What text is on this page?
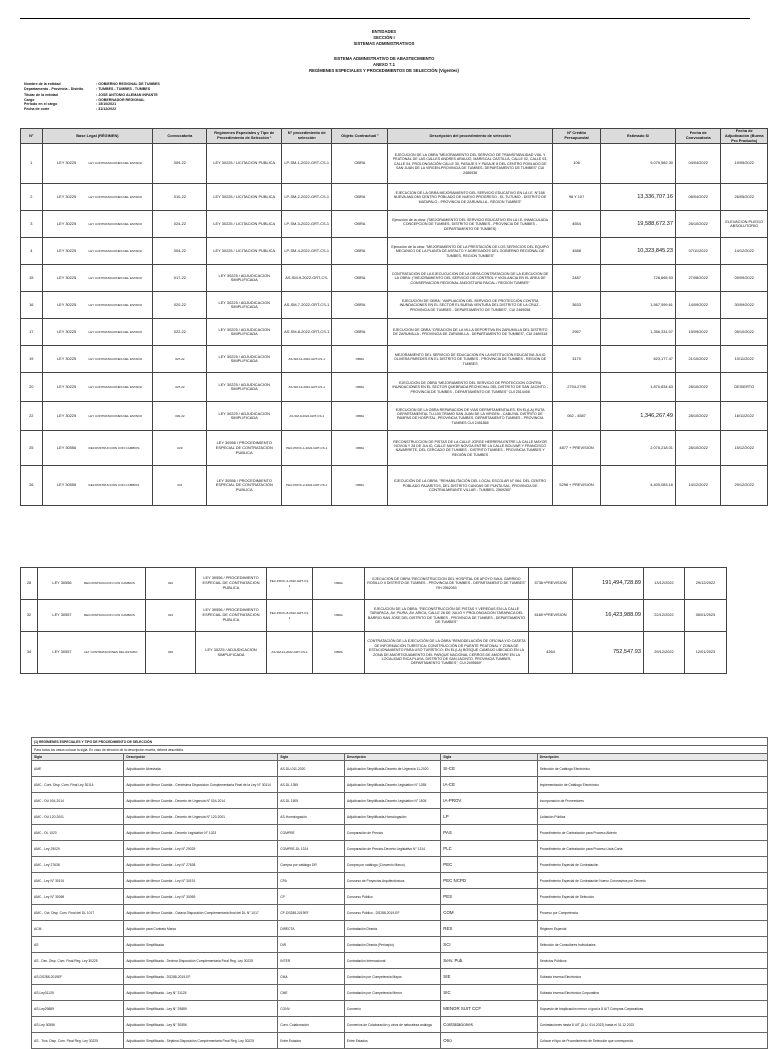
ENTIDADES
SECCIÓN I
SISTEMAS ADMINISTRATIVOS
SISTEMA ADMINISTRATIVO DE ABASTECIMIENTO
ANEXO 7.1
REGÍMENES ESPECIALES Y PROCEDIMIENTOS DE SELECCIÓN (Vigentes)
Nombre de la entidad	: GOBIERNO REGIONAL DE TUMBES
Departamento - Provincia - Distrito	: TUMBES - TUMBES - TUMBES
Titular de la entidad	: JOSE ANTONIO ALEMAN INFANTE
Cargo	: GOBERNADOR REGIONAL
Periodo en el cargo	: 15/10/2021
Fecha de corte	: 31/12/2022
N°	Base Legal (RÉGIMEN)	Convocatoria	Regímenes Especiales y Tipo de Procedimiento de Selección ¹	N° procedimiento de selección	Objeto Contractual ²	Descripción del procedimiento de selección	Nº Crédito Presupuestal	Estimado S/	Fecha de Convocatoria	Fecha de Adjudicación (Buena Pro Producto)
1	LEY 30225 LEY CONTRATACIONES DEL ESTADO	009-22	LEY 30225 / LICITACION PUBLICA	LP-SM-1-2022-GRT-CS-1	OBRA	EJECUCION DE LA OBRA "MEJORAMIENTO DEL SERVICIO DE TRANSITABILIDAD VIAL Y PEATONAL DE LAS CALLES ANDRES ARAUJO, MARISCAL CASTILLA, CALLE 02, CALLE 03, CALLE 04, PROLONGACIÓN CALLE 30, PASAJE 5 Y PASAJE 8 DEL CENTRO POBLADO DE SAN JUAN DE LA VIRGEN-PROVINCIA DE TUMBES- DEPARTAMENTO DE TUMBES" CUI 2486938	106	9,079,982.30	04/04/2022	19/05/2022
2	LEY 30225 LEY CONTRATACIONES DEL ESTADO	010-22	LEY 30225 / LICITACION PUBLICA	LP-SM-2-2022-GRT-CS-1	OBRA	EJECUCION DE LA OBRA MEJORAMIENTO DEL SERVICIO EDUCATIVO EN LA I.E. N°158 NUEVA AMLOMI CENTRO POBLADO DE NUEVO PROGRESO - EL TUTUMO - DISTRITO DE MATAPALO - PROVINCIA DE ZARUMILLA - REGION TUMBES"	96 Y 107	13,336,707.16	06/04/2022	26/05/2022
3	LEY 30225 LEY CONTRATACIONES DEL ESTADO	024-22	LEY 30225 / LICITACION PUBLICA	LP-SM-3-2022-GRT-CS-1	OBRA	Ejecución de la obra: ("MEJORAMIENTO DEL SERVICIO EDUCATIVO EN LA I.E. INMACULADA CONCEPCION DE TUMBES- DISTRITO DE TUMBES - PROVINCIA DE TUMBES - DEPARTAMENTO DE TUMBES)	4554	19,588,672.37	26/10/2022	ELEVACION PLIEGO ABSOLUTORIO
4	LEY 30225 LEY CONTRATACIONES DEL ESTADO	004-22	LEY 30225 / LICITACION PUBLICA	LP-SM-4-2022-GRT-CS-1	OBRA	Ejecución de la obra: "MEJORAMIENTO DE LA PRESTACIÓN DE LOS SERVICIOS DEL EQUIPO MECANICO DE LA PLANTA DE ASFALTO Y AGREGADOS DEL GOBIERNO REGIONAL DE TUMBES, REGION TUMBES"	4588	10,323,845.23	07/11/2022	14/12/2022
15	LEY 30225 LEY CONTRATACIONES DEL ESTADO	017-22	LEY 30225 / ADJUDICACION SIMPLIFICADA	AS-SM-9-2022-GRT-CS-	OBRA	CONTRATACION DE LA EJECUCUCION DE LA OBRA CONTRATACION DE LA EJECUCION DE LA OBRA: ("MEJORAMIENTO DEL SERVICIO DE CONTROL Y VIGILANCIA EN EL AREA DE CONSERVACION REGIONAL ANGOSTURA FAICAL / REGION TUMBES"	2487	728,665.93	27/08/2022	09/09/2022
16	LEY 30225 LEY CONTRATACIONES DEL ESTADO	020-22	LEY 30225 / ADJUDICACION SIMPLIFICADA	AS-SM-7-2022-GRT-CS-1	OBRA	EJECUCIÓN DE OBRA: "AMPLIACIÓN DEL SERVICIO DE PROTECCIÓN CONTRA INUNDACIONES EN EL SECTOR EL BUENA VENTURA DEL DISTRITO DE LA CRUZ - PROVINCIA DE TUMBES - DEPARTAMENTO DE TUMBES", CUI 2469058	3633	1,567,599.61	14/09/2022	30/09/2022
17	LEY 30225 LEY CONTRATACIONES DEL ESTADO	022-22	LEY 30225 / ADJUDICACION SIMPLIFICADA	AS-SM-8-2022-GRT-CS-1	OBRA	EJECUCION DE OBRA "CREACION DE LA VILLA DEPORTIVA EN ZARUMILLA DEL DISTRITO DE ZARUMILLA - PROVINCIA DE ZARUMILLA - DEPARTAMENTO DE TUMBES", CUI 2489318	2957	1,356,331.07	15/09/2022	05/10/2022
19	LEY 30225 LEY CONTRATACIONES DEL ESTADO	027-22	LEY 30225 / ADJUDICACION SIMPLIFICADA	AS-SM-12-2022-GRT-CS-1	OBRA	MEJORAMIENTO DEL SERVICIO DE EDUCACION EN LA INSTITUCION EDUCATIVA JULIO OLIVERA PAREDES EN EL DISTRITO DE TUMBES - PROVINCIA DE TUMBES - REGION DE TUMBES	3170	623,177.47	21/10/2022	10/11/2022
20	LEY 30225 LEY CONTRATACIONES DEL ESTADO	027-22	LEY 30225 / ADJUDICACION SIMPLIFICADA	AS-SM-13-2022-GRT-CS-1	OBRA	EJECUCION DE OBRA "MEJORAMIENTO DEL SERVICIO DE PROTECCION CONTRA INUNDACIONES EN EL SECTOR QUEBRADA PECHICHAL DEL DISTRITO DE SAN JACINTO - PROVINCIA DE TUMBES - DEPARTAMENTO DE TUMBES" CUI 2514408	2794-2795	1,870,834.63	28/10/2022	DESIERTO
22	LEY 30225 LEY CONTRATACIONES DEL ESTADO	030-22	LEY 30225 / ADJUDICACION SIMPLIFICADA	AS-SM-9-2022-GRT-CS-1	OBRA	EJECUCION DE LA OBRA REPARACION DE VIAS DEPARTAMENTALES, EN EL(LA) RUTA DEPARTAMENTAL TU-100 TRAMO SAN JUAN DE LA VIRGEN - CABUYAL DISTRITO DE PAMPAS DE HOSPITAL, PROVINCIA TUMBES, DEPARTAMENTO TUMBES - PROVINCIA TUMBES CUI 2451865	062 - 4587	1,346,267.49	28/10/2022	16/11/2022
25	LEY 30556 RECONSTRUCCION CON CAMBIOS	029	LEY 30556 / PROCEDIMIENTO ESPECIAL DE CONTRATACION PUBLICA	PEC-PROC-1-2022-GRT-CS-1	OBRA	RECONSTRUCCION DE PISTAS DE LA CALLE JORGE HERRERA ENTRE LA CALLE MAYOR NOVOA Y 28 DE JULIO, CALLE MAYOR NOVOA ENTRE LA CALLE BOLIVAR Y FRANCISCO NAVARRETE, DEL CERCADO DE TUMBES - DISTRITO TUMBES - PROVINCIA TUMBES Y REGIÓN DE TUMBES	4877 + PREVISION	2,075,218.01	28/10/2022	15/12/2022
26	LEY 30556 RECONSTRUCCION CON CAMBIOS	031	LEY 30556 / PROCEDIMIENTO ESPECIAL DE CONTRATACION PUBLICA	PEC-PROC-2-2022-GRT-CS-1	OBRA	EJECUCIÓN DE LA OBRA: "REHABILITACIÓN DEL LOCAL ESCOLAR N° 064, DEL CENTRO POBLADO PAJARITOS, DEL DISTRITO CANOAS DE PUNTA SAL, PROVINCIA DE CONTRALMIRANTE VILLAR - TUMBES- 2569280"	5298 + PREVISION	4,400,083.16	14/12/2022	29/12/2022

28	LEY 30556 RECONSTRUCCION CON CAMBIOS	032	LEY 30556 / PROCEDIMIENTO ESPECIAL DE CONTRATACION PUBLICA	PEC-PROC-4-2022-GRT-CS-1	OBRA	EJECUCION DE OBRA "RECONSTRUCCION DEL HOSPITAL DE APOYO SAUL GARRIDO ROSILLO II DISTRITO DE TUMBES - PROVINCIA DE TUMBES - DEPARTAMENTO DE TUMBES" RH 2562053	5736+PREVISION	191,494,728.89	13/12/2022	29/12/2022
32	LEY 30557 RECONSTRUCCION CON CAMBIOS	034	LEY 30556 / PROCEDIMIENTO ESPECIAL DE CONTRATACION PUBLICA	PEC-PROC-8-2022-GRT-CS-1	OBRA	EJECUCION DE LA OBRA: "RECONSTRUCCIÓN DE PISTAS Y VEREDAS EN LA CALLE TARAPACA, AV. PIURA, AV. ARICA, CALLE 28 DE JULIO Y PROLONGACION TARAPACA DEL BARRIO SAN JOSE DEL DISTRITO DE TUMBES - PROVINCIA DE TUMBES - DEPARTAMENTO DE TUMBES"	6180+PREVISION	16,423,988.09	22/12/2022	06/01/2023
34	LEY 30557 LEY CONTRATACIONES DEL ESTADO	029	LEY 30225 / ADJUDICACION SIMPLIFICADA	AS-SM-11-2022-GRT-CS-1	OBRA	CONTRATACIÓN DE LA EJECUCIÓN DE LA OBRA "REMODELACIÓN DE OFICINA Y/O CASETA DE INFORMACIÓN TURÍSTICA; CONSTRUCCIÓN DE PUENTE PEATONAL Y ZONA DE ESTACIONAMIENTO PARA USO TURÍSTICO; EN EL(LA) BOSQUE CAMBIJO UBICADO EN LA ZONA DE AMORTIGUAMIENTO DEL PARQUE NACIONAL CERROS DE AMOTAPE EN LA LOCALIDAD RICA PLAYA, DISTRITO DE SAN JACINTO, PROVINCIA TUMBES, DEPARTAMENTO TUMBES", CUI 2495669"	4264	752,547.93	29/12/2022	12/01/2023
(1) REGÍMENES ESPECIALES Y TIPO DE PROCEDIMIENTO DE SELECCIÓN					
Para todos los casos colocar la sigla. En caso de elección de la descripción escrita, deberá describirla.					
Sigla	Descripción	Sigla	Descripción	Sigla	Descripción
AME	Adjudicación Abreviada	AS-DU-011-2020	Adjudicación Simplificada-Decreto de Urgencia 11-2020	SI-CE	Selección de Catálogo Electrónico
AMC - Cont. Disp. Com. Final Ley 30114	Adjudicación de Menor Cuantía - Centésima Disposición Complementaria Final de la Ley N° 30114	AS-DL 1355	Adjudicación Simplificada-Decreto Legislativo N° 1355	IA-CE	Implementación de Catálogo Electrónico
AMC - DU 004-2014	Adjudicación de Menor Cuantía - Decreto de Urgencia N° 004-2014	AS-DL 1505	Adjudicación Simplificada-Decreto Legislativo N° 1505	IA-PROV	Incorporación de Proveedores
AMC - DU 120-2001	Adjudicación de Menor Cuantía - Decreto de Urgencia N° 120-2001	AS-Homologación	Adjudicación Simplificada-Homologación	LP	Licitación Pública
AMC - DL 1023	Adjudicación de Menor Cuantía - Decreto Legislativo N° 1023	COMPRE	Comparación de Precios	PAS	Procedimiento de Contratación para Proceso Abierto
AMC - Ley 29029	Adjudicación de Menor Cuantía - Ley N° 29029	COMPRE-DL 1314	Comparación de Precios-Decreto Legislativo N° 1314	PLC	Procedimiento de Contratación para Proceso Lista Corta
AMC - Ley 27638	Adjudicación de Menor Cuantía - Ley N° 27638	Compra por catálogo DR	Compra por catálogo (Convenio Marco)	PEC	Procedimiento Especial de Contratación
AMC - Ley N° 30191	Adjudicación de Menor Cuantía - Ley N° 30191	CPA	Concurso de Proyectos Arquitectónicos	PEC NCPD	Procedimiento Especial de Contratación Nuevo Coronavirus por Decreto
AMC - Ley N° 30069	Adjudicación de Menor Cuantía - Ley N° 30069	CP	Concurso Público	PES	Procedimiento Especial de Selección
AMC - Oct. Disp. Com. Final del DL 1017	Adjudicación de Menor Cuantía - Octava Disposición Complementaria final del DL N° 1017	CP-DS288-2019EF	Concurso Público - DS288-2019-EF	COM	Proceso por Competencia
ACM	Adjudicación para Contrato Marco	DIRECTA	Contratación Directa	RES	Régimen Especial
AS	Adjudicación Simplificada	DIR	Contratación Directa (Periuepio)	SCI	Selección de Consultores Individuales
AS - Dec. Disp. Com. Final Reg. Ley 30225	Adjudicación Simplificada - Decima Disposición Complementaria Final Reg. Ley 30225	INTER	Contratación Internacional	Serv. Pub.	Servicios Públicos
AS-DS288-2019EF	Adjudicación Simplificada - DS288-2019-EF	CMA	Contratación por Competencia Mayor	SIE	Subasta Inversa Electrónica
AS-Ley31125	Adjudicación Simplificada - Ley N° 31125	CME	Contratación por Competencia Menor	SIC	Subasta Inversa Electrónica Corporativa
AS-Ley29889	Adjudicación Simplificada - Ley N° 29889	CONV	Convenio	MENOR SUIT CCF	Supuesto de Inaplicación menor o igual a 8 UIT Compras Corporativas
AS-Ley 30556	Adjudicación Simplificada - Ley N° 30556	Conv. Colaboración	Convenios de Colaboración y otros de naturaleza análoga	Contrataciones	Contrataciones hasta 8 UIT (D.U. 014-2022) hasta el 31.12.2022
AS - Trcs. Disp. Com. Final Reg. Ley 30225	Adjudicación Simplificada - Séptima Disposición Complementaria Final Reg. Ley 30225	Entre Estados	Entre Estados	Otro	Colocar el tipo de Procedimiento de Selección que corresponda
